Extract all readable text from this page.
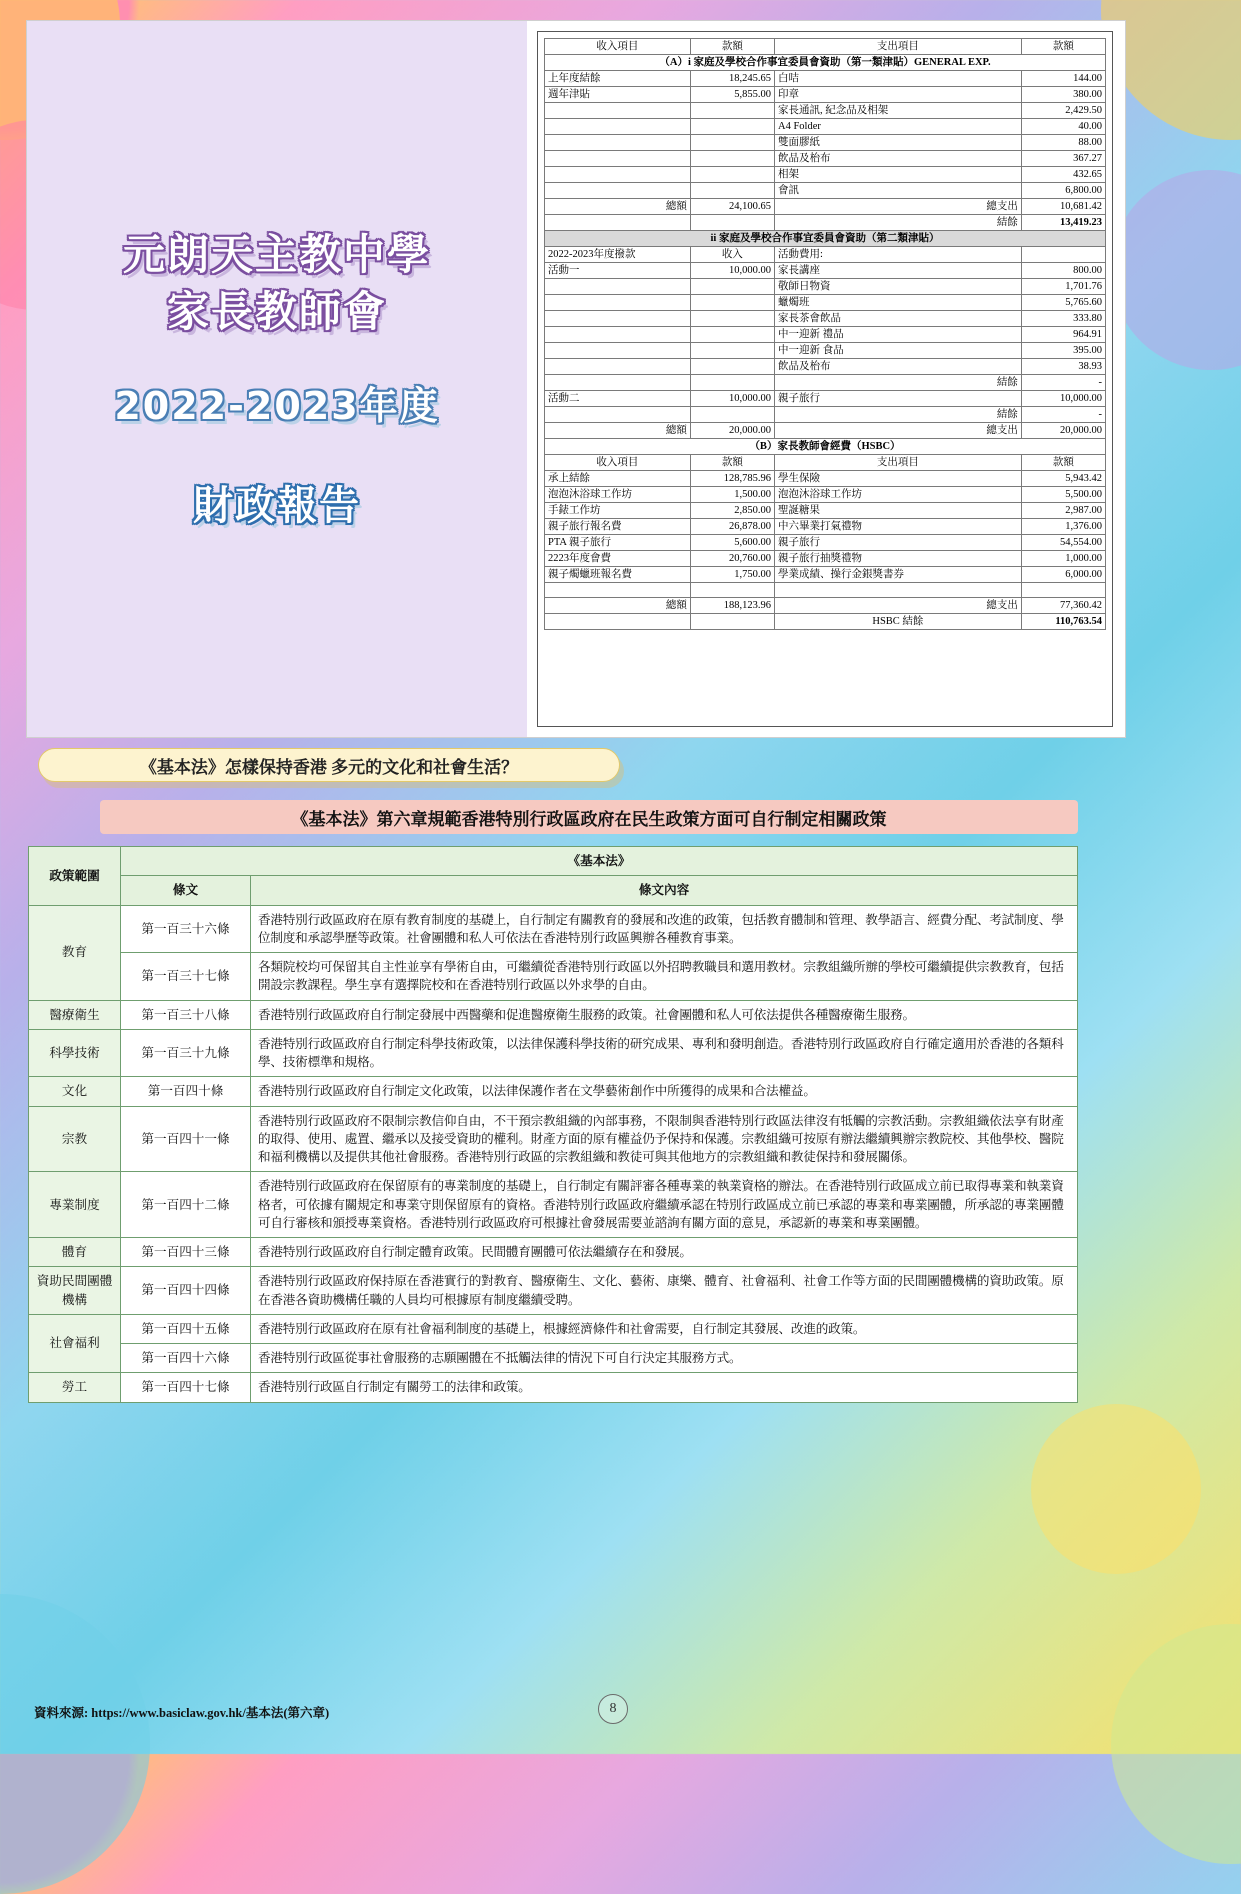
元朗天主教中學
家長教師會
2022-2023年度
財政報告
收入項目	款額	支出項目	款額
（A）i 家庭及學校合作事宜委員會資助（第一類津貼）GENERAL EXP.			
上年度結餘	18,245.65	白咭	144.00
週年津貼	5,855.00	印章	380.00
		家長通訊, 紀念品及相架	2,429.50
		A4 Folder	40.00
		雙面膠紙	88.00
		飲品及枱布	367.27
		相架	432.65
		會訊	6,800.00
總額	24,100.65	總支出	10,681.42
		結餘	13,419.23
ii 家庭及學校合作事宜委員會資助（第二類津貼）			
2022-2023年度撥款	收入	活動費用:	
活動一	10,000.00	家長講座	800.00
		敬師日物資	1,701.76
		蠟燭班	5,765.60
		家長茶會飲品	333.80
		中一迎新 禮品	964.91
		中一迎新 食品	395.00
		飲品及枱布	38.93
		結餘	-
活動二	10,000.00	親子旅行	10,000.00
		結餘	-
總額	20,000.00	總支出	20,000.00
（B）家長教師會經費（HSBC）			
收入項目	款額	支出項目	款額
承上結餘	128,785.96	學生保險	5,943.42
泡泡沐浴球工作坊	1,500.00	泡泡沐浴球工作坊	5,500.00
手錶工作坊	2,850.00	聖誕糖果	2,987.00
親子旅行報名費	26,878.00	中六畢業打氣禮物	1,376.00
PTA 親子旅行	5,600.00	親子旅行	54,554.00
2223年度會費	20,760.00	親子旅行抽獎禮物	1,000.00
親子燭蠟班報名費	1,750.00	學業成績、操行金銀獎書券	6,000.00

總額	188,123.96	總支出	77,360.42
		HSBC 結餘	110,763.54
《基本法》怎樣保持香港 多元的文化和社會生活？
《基本法》第六章規範香港特別行政區政府在民生政策方面可自行制定相關政策
政策範圍	《基本法》	
	條文	條文內容
教育	第一百三十六條	香港特別行政區政府在原有教育制度的基礎上，自行制定有關教育的發展和改進的政策，包括教育體制和管理、教學語言、經費分配、考試制度、學位制度和承認學歷等政策。社會團體和私人可依法在香港特別行政區興辦各種教育事業。
	第一百三十七條	各類院校均可保留其自主性並享有學術自由，可繼續從香港特別行政區以外招聘教職員和選用教材。宗教組織所辦的學校可繼續提供宗教教育，包括開設宗教課程。學生享有選擇院校和在香港特別行政區以外求學的自由。
醫療衛生	第一百三十八條	香港特別行政區政府自行制定發展中西醫藥和促進醫療衛生服務的政策。社會團體和私人可依法提供各種醫療衛生服務。
科學技術	第一百三十九條	香港特別行政區政府自行制定科學技術政策，以法律保護科學技術的研究成果、專利和發明創造。香港特別行政區政府自行確定適用於香港的各類科學、技術標準和規格。
文化	第一百四十條	香港特別行政區政府自行制定文化政策，以法律保護作者在文學藝術創作中所獲得的成果和合法權益。
宗教	第一百四十一條	香港特別行政區政府不限制宗教信仰自由，不干預宗教組織的內部事務，不限制與香港特別行政區法律沒有牴觸的宗教活動。宗教組織依法享有財產的取得、使用、處置、繼承以及接受資助的權利。財產方面的原有權益仍予保持和保護。宗教組織可按原有辦法繼續興辦宗教院校、其他學校、醫院和福利機構以及提供其他社會服務。香港特別行政區的宗教組織和教徒可與其他地方的宗教組織和教徒保持和發展關係。
專業制度	第一百四十二條	香港特別行政區政府在保留原有的專業制度的基礎上，自行制定有關評審各種專業的執業資格的辦法。在香港特別行政區成立前已取得專業和執業資格者，可依據有關規定和專業守則保留原有的資格。香港特別行政區政府繼續承認在特別行政區成立前已承認的專業和專業團體，所承認的專業團體可自行審核和頒授專業資格。香港特別行政區政府可根據社會發展需要並諮詢有關方面的意見，承認新的專業和專業團體。
體育	第一百四十三條	香港特別行政區政府自行制定體育政策。民間體育團體可依法繼續存在和發展。
資助民間團體機構	第一百四十四條	香港特別行政區政府保持原在香港實行的對教育、醫療衛生、文化、藝術、康樂、體育、社會福利、社會工作等方面的民間團體機構的資助政策。原在香港各資助機構任職的人員均可根據原有制度繼續受聘。
社會福利	第一百四十五條	香港特別行政區政府在原有社會福利制度的基礎上，根據經濟條件和社會需要，自行制定其發展、改進的政策。
	第一百四十六條	香港特別行政區從事社會服務的志願團體在不抵觸法律的情況下可自行決定其服務方式。
勞工	第一百四十七條	香港特別行政區自行制定有關勞工的法律和政策。
資料來源: https://www.basiclaw.gov.hk/基本法(第六章)	8
